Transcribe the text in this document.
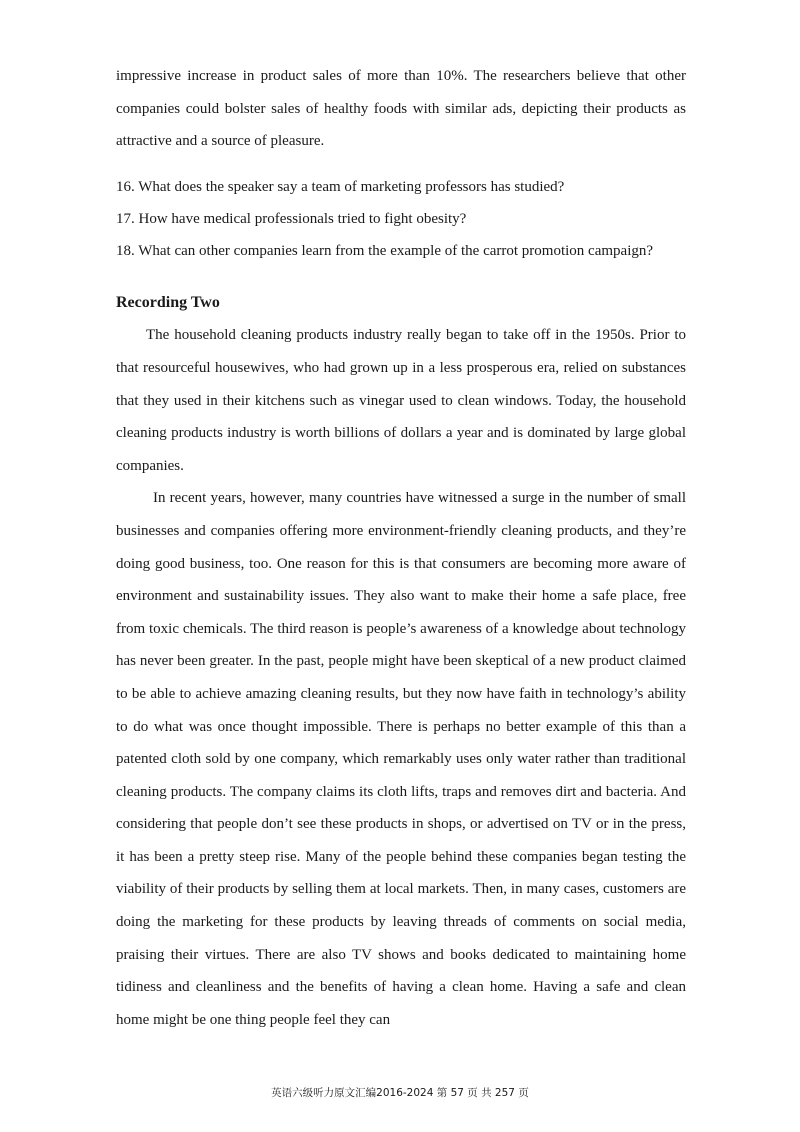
impressive increase in product sales of more than 10%. The researchers believe that other companies could bolster sales of healthy foods with similar ads, depicting their products as attractive and a source of pleasure.

16. What does the speaker say a team of marketing professors has studied?

17. How have medical professionals tried to fight obesity?

18. What can other companies learn from the example of the carrot promotion campaign?

Recording Two

The household cleaning products industry really began to take off in the 1950s. Prior to that resourceful housewives, who had grown up in a less prosperous era, relied on substances that they used in their kitchens such as vinegar used to clean windows. Today, the household cleaning products industry is worth billions of dollars a year and is dominated by large global companies.

In recent years, however, many countries have witnessed a surge in the number of small businesses and companies offering more environment-friendly cleaning products, and they’re doing good business, too. One reason for this is that consumers are becoming more aware of environment and sustainability issues. They also want to make their home a safe place, free from toxic chemicals. The third reason is people’s awareness of a knowledge about technology has never been greater. In the past, people might have been skeptical of a new product claimed to be able to achieve amazing cleaning results, but they now have faith in technology’s ability to do what was once thought impossible. There is perhaps no better example of this than a patented cloth sold by one company, which remarkably uses only water rather than traditional cleaning products. The company claims its cloth lifts, traps and removes dirt and bacteria. And considering that people don’t see these products in shops, or advertised on TV or in the press, it has been a pretty steep rise. Many of the people behind these companies began testing the viability of their products by selling them at local markets. Then, in many cases, customers are doing the marketing for these products by leaving threads of comments on social media, praising their virtues. There are also TV shows and books dedicated to maintaining home tidiness and cleanliness and the benefits of having a clean home. Having a safe and clean home might be one thing people feel they can

英语六级听力原文汇编2016-2024 第 57 页 共 257 页
